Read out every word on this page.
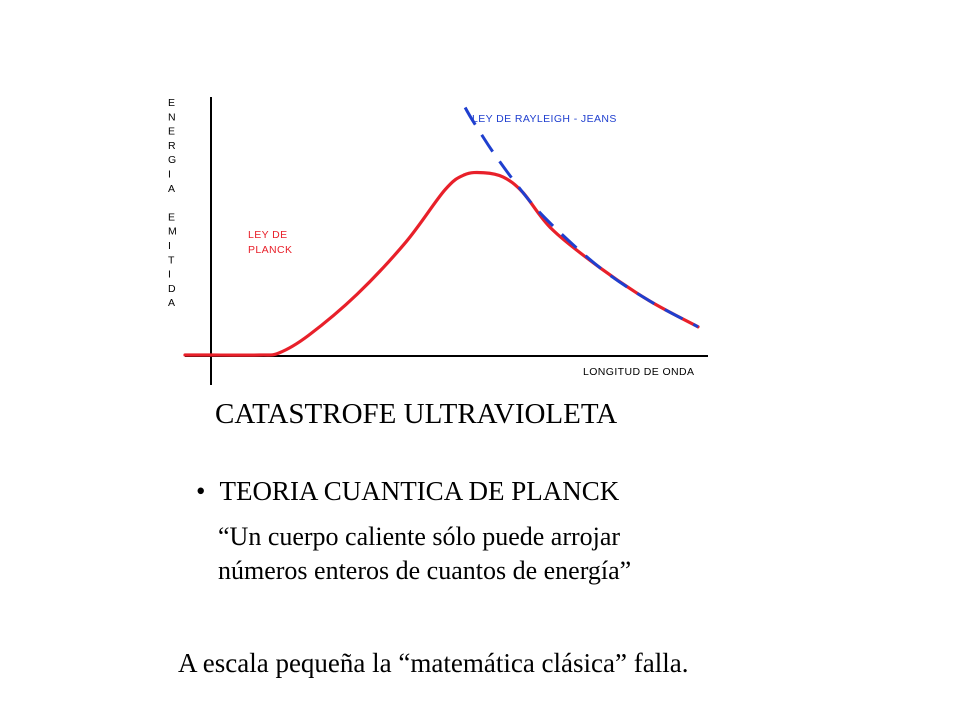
E
N
E
R
G
I
A
E
M
I
T
I
D
A
LEY DE RAYLEIGH - JEANS
LEY DE
PLANCK
LONGITUD DE ONDA
CATASTROFE ULTRAVIOLETA
• TEORIA CUANTICA DE PLANCK
“Un cuerpo caliente sólo puede arrojar
números enteros de cuantos de energía”
A escala pequeña la “matemática clásica” falla.
